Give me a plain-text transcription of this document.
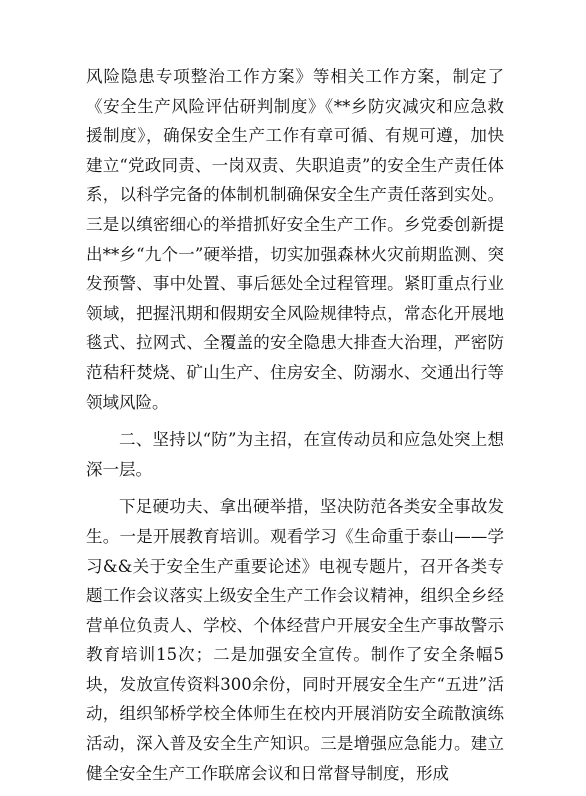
风险隐患专项整治工作方案》等相关工作方案，制定了《安全生产风险评估研判制度》《**乡防灾减灾和应急救援制度》，确保安全生产工作有章可循、有规可遵，加快建立“党政同责、一岗双责、失职追责”的安全生产责任体系，以科学完备的体制机制确保安全生产责任落到实处。三是以缜密细心的举措抓好安全生产工作。乡党委创新提出**乡“九个一”硬举措，切实加强森林火灾前期监测、突发预警、事中处置、事后惩处全过程管理。紧盯重点行业领域，把握汛期和假期安全风险规律特点，常态化开展地毯式、拉网式、全覆盖的安全隐患大排查大治理，严密防范秸秆焚烧、矿山生产、住房安全、防溺水、交通出行等领域风险。

二、坚持以“防”为主招，在宣传动员和应急处突上想深一层。

下足硬功夫、拿出硬举措，坚决防范各类安全事故发生。一是开展教育培训。观看学习《生命重于泰山——学习&&关于安全生产重要论述》电视专题片，召开各类专题工作会议落实上级安全生产工作会议精神，组织全乡经营单位负责人、学校、个体经营户开展安全生产事故警示教育培训15次；二是加强安全宣传。制作了安全条幅5块，发放宣传资料300余份，同时开展安全生产“五进”活动，组织邹桥学校全体师生在校内开展消防安全疏散演练活动，深入普及安全生产知识。三是增强应急能力。建立健全安全生产工作联席会议和日常督导制度，形成
